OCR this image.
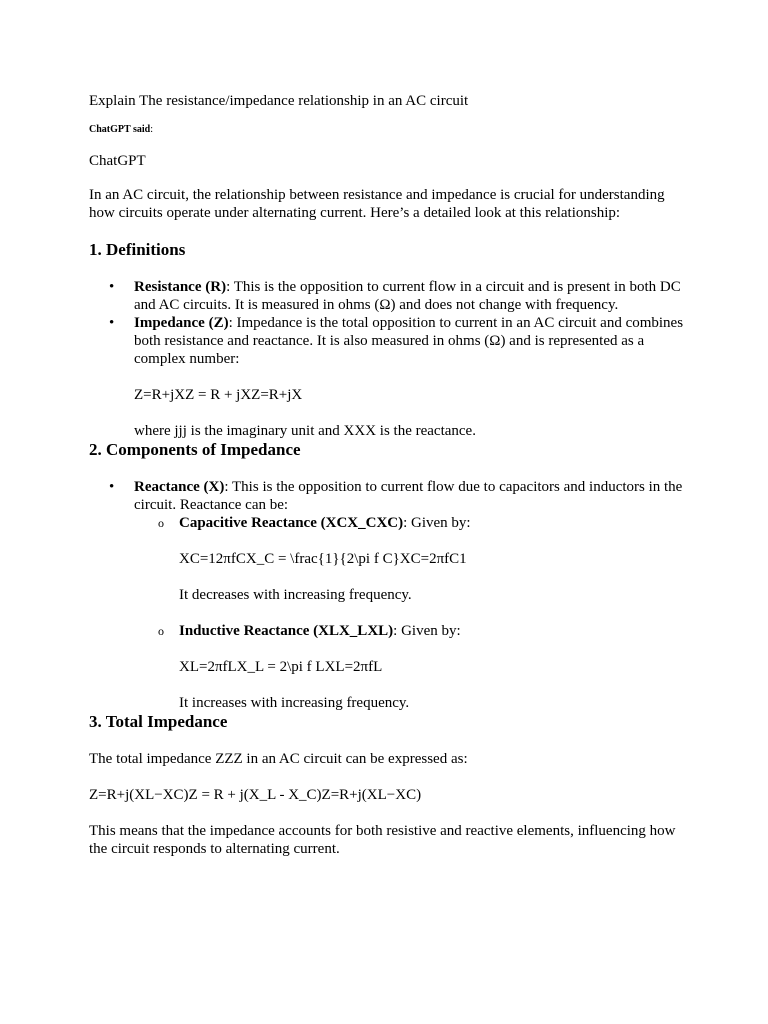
Explain The resistance/impedance relationship in an AC circuit

ChatGPT said:

ChatGPT

In an AC circuit, the relationship between resistance and impedance is crucial for understanding how circuits operate under alternating current. Here’s a detailed look at this relationship:

1. Definitions

• Resistance (R): This is the opposition to current flow in a circuit and is present in both DC and AC circuits. It is measured in ohms (Ω) and does not change with frequency.

• Impedance (Z): Impedance is the total opposition to current in an AC circuit and combines both resistance and reactance. It is also measured in ohms (Ω) and is represented as a complex number:

Z=R+jXZ = R + jXZ=R+jX

where jjj is the imaginary unit and XXX is the reactance.

2. Components of Impedance

• Reactance (X): This is the opposition to current flow due to capacitors and inductors in the circuit. Reactance can be:

o Capacitive Reactance (XCX_CXC): Given by:

XC=12πfCX_C = \frac{1}{2\pi f C}XC​=2πfC1​

It decreases with increasing frequency.

o Inductive Reactance (XLX_LXL): Given by:

XL=2πfLX_L = 2\pi f LXL​=2πfL

It increases with increasing frequency.

3. Total Impedance

The total impedance ZZZ in an AC circuit can be expressed as:

Z=R+j(XL−XC)Z = R + j(X_L - X_C)Z=R+j(XL​−XC​)

This means that the impedance accounts for both resistive and reactive elements, influencing how the circuit responds to alternating current.
